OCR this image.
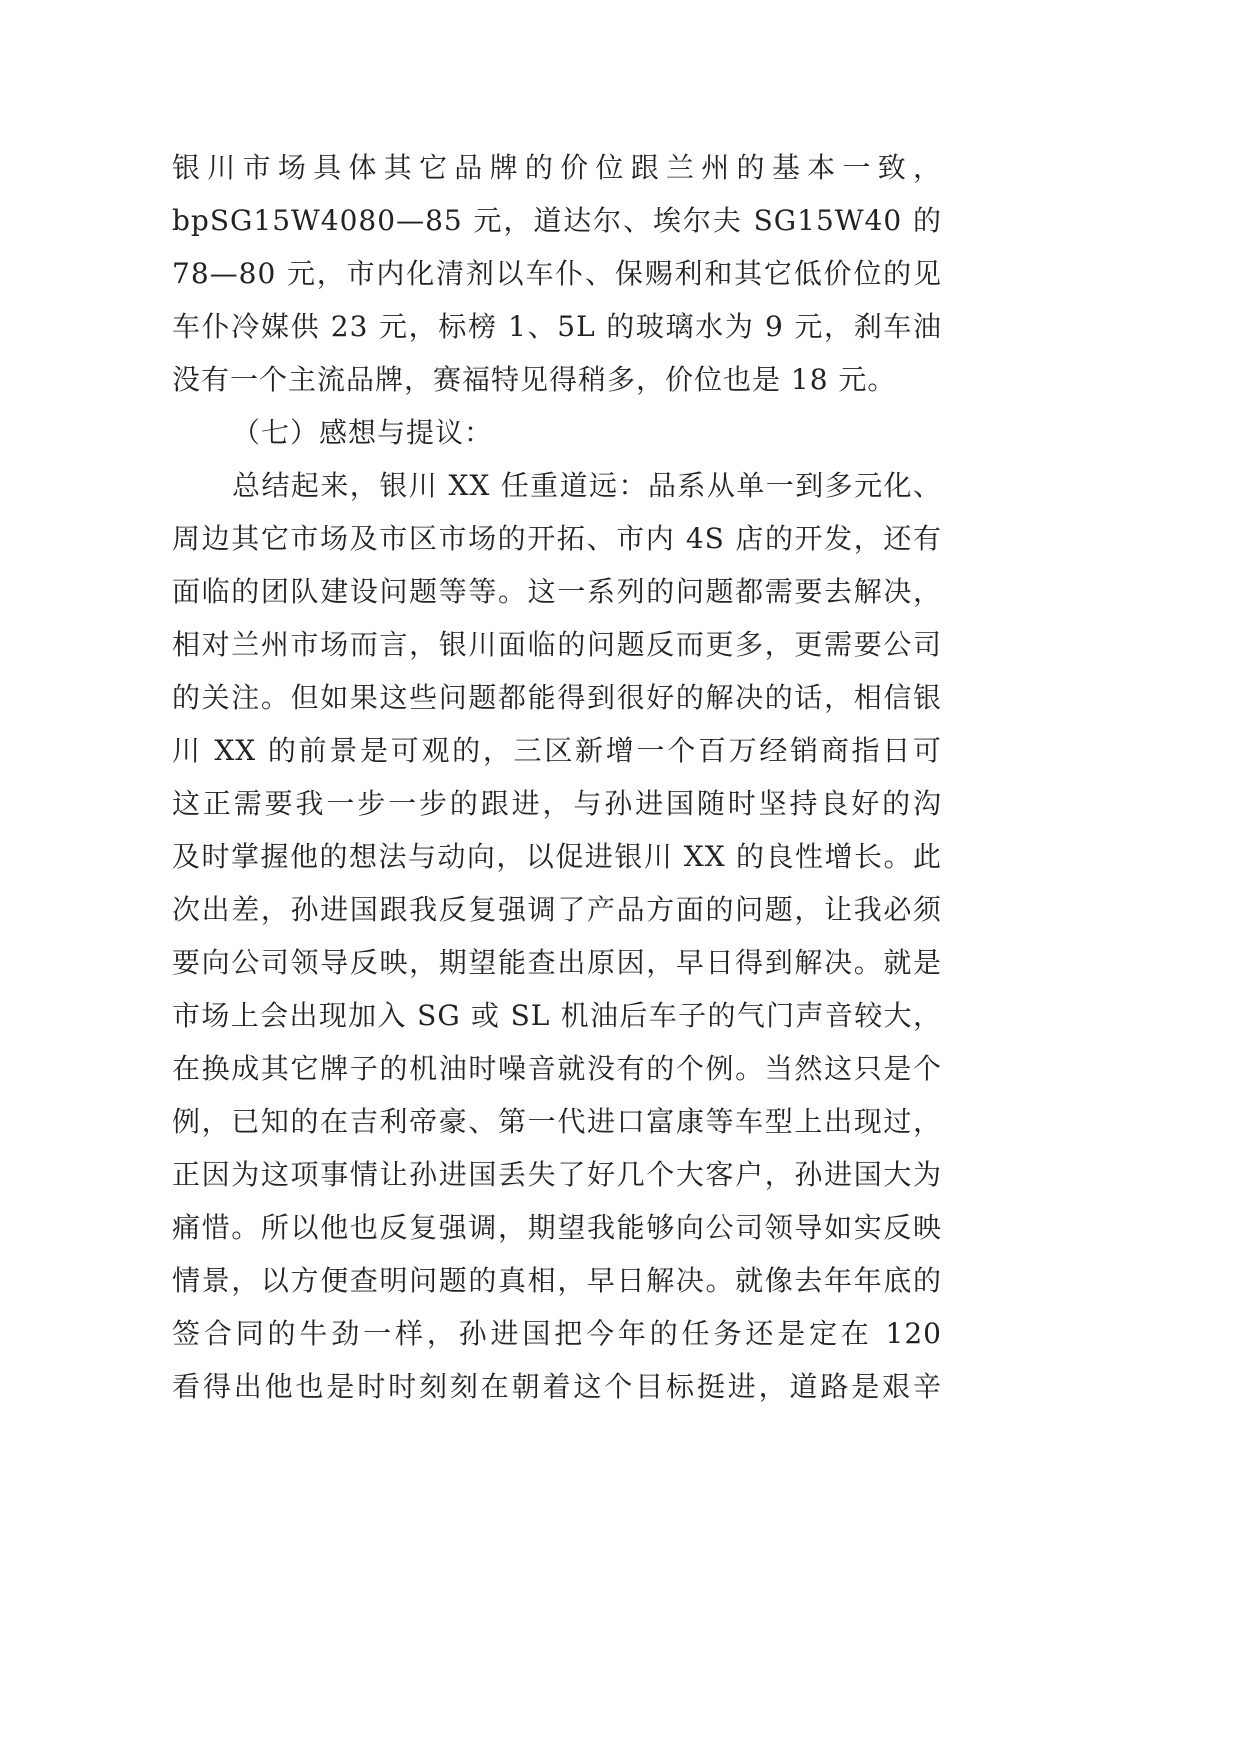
银川市场具体其它品牌的价位跟兰州的基本一致，
bpSG15W4080—85 元，道达尔、埃尔夫 SG15W40 的
78—80 元，市内化清剂以车仆、保赐利和其它低价位的见
车仆冷媒供 23 元，标榜 1、5L 的玻璃水为 9 元，刹车油
没有一个主流品牌，赛福特见得稍多，价位也是 18 元。
（七）感想与提议：
总结起来，银川 XX 任重道远：品系从单一到多元化、
周边其它市场及市区市场的开拓、市内 4S 店的开发，还有
面临的团队建设问题等等。这一系列的问题都需要去解决，
相对兰州市场而言，银川面临的问题反而更多，更需要公司
的关注。但如果这些问题都能得到很好的解决的话，相信银
川 XX 的前景是可观的，三区新增一个百万经销商指日可
这正需要我一步一步的跟进，与孙进国随时坚持良好的沟
及时掌握他的想法与动向，以促进银川 XX 的良性增长。此
次出差，孙进国跟我反复强调了产品方面的问题，让我必须
要向公司领导反映，期望能查出原因，早日得到解决。就是
市场上会出现加入 SG 或 SL 机油后车子的气门声音较大，
在换成其它牌子的机油时噪音就没有的个例。当然这只是个
例，已知的在吉利帝豪、第一代进口富康等车型上出现过，
正因为这项事情让孙进国丢失了好几个大客户，孙进国大为
痛惜。所以他也反复强调，期望我能够向公司领导如实反映
情景，以方便查明问题的真相，早日解决。就像去年年底的
签合同的牛劲一样，孙进国把今年的任务还是定在 120
看得出他也是时时刻刻在朝着这个目标挺进，道路是艰辛
